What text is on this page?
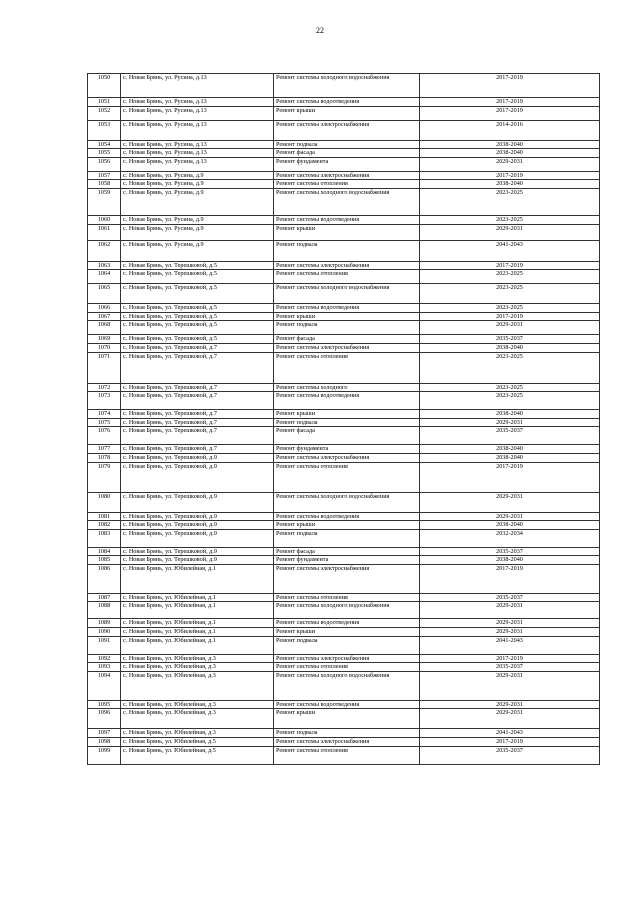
22
1050	с. Новая Брянь, ул. Русина, д.13	Ремонт системы холодного водоснабжения	2017-2019
1051	с. Новая Брянь, ул. Русина, д.13	Ремонт системы водоотведения	2017-2019
1052	с. Новая Брянь, ул. Русина, д.13	Ремонт крыши	2017-2019
1053	с. Новая Брянь, ул. Русина, д.13	Ремонт системы электроснабжения	2014-2016
1054	с. Новая Брянь, ул. Русина, д.13	Ремонт подвала	2038-2040
1055	с. Новая Брянь, ул. Русина, д.13	Ремонт фасада	2038-2040
1056	с. Новая Брянь, ул. Русина, д.13	Ремонт фундамента	2029-2031
1057	с. Новая Брянь, ул. Русина, д.9	Ремонт системы электроснабжения	2017-2019
1058	с. Новая Брянь, ул. Русина, д.9	Ремонт системы отопления	2038-2040
1059	с. Новая Брянь, ул. Русина, д.9	Ремонт системы холодного водоснабжения	2023-2025
1060	с. Новая Брянь, ул. Русина, д.9	Ремонт системы водоотведения	2023-2025
1061	с. Новая Брянь, ул. Русина, д.9	Ремонт крыши	2029-2031
1062	с. Новая Брянь, ул. Русина, д.9	Ремонт подвала	2041-2043
1063	с. Новая Брянь, ул. Терешковой, д.5	Ремонт системы электроснабжения	2017-2019
1064	с. Новая Брянь, ул. Терешковой, д.5	Ремонт системы отопления	2023-2025
1065	с. Новая Брянь, ул. Терешковой, д.5	Ремонт системы холодного водоснабжения	2023-2025
1066	с. Новая Брянь, ул. Терешковой, д.5	Ремонт системы водоотведения	2023-2025
1067	с. Новая Брянь, ул. Терешковой, д.5	Ремонт крыши	2017-2019
1068	с. Новая Брянь, ул. Терешковой, д.5	Ремонт подвала	2029-2031
1069	с. Новая Брянь, ул. Терешковой, д.5	Ремонт фасада	2035-2037
1070	с. Новая Брянь, ул. Терешковой, д.7	Ремонт системы электроснабжения	2038-2040
1071	с. Новая Брянь, ул. Терешковой, д.7	Ремонт системы отопления	2023-2025
1072	с. Новая Брянь, ул. Терешковой, д.7	Ремонт системы холодного	2023-2025
1073	с. Новая Брянь, ул. Терешковой, д.7	Ремонт системы водоотведения	2023-2025
1074	с. Новая Брянь, ул. Терешковой, д.7	Ремонт крыши	2038-2040
1075	с. Новая Брянь, ул. Терешковой, д.7	Ремонт подвала	2029-2031
1076	с. Новая Брянь, ул. Терешковой, д.7	Ремонт фасада	2035-2037
1077	с. Новая Брянь, ул. Терешковой, д.7	Ремонт фундамента	2038-2040
1078	с. Новая Брянь, ул. Терешковой, д.9	Ремонт системы электроснабжения	2038-2040
1079	с. Новая Брянь, ул. Терешковой, д.9	Ремонт системы отопления	2017-2019
1080	с. Новая Брянь, ул. Терешковой, д.9	Ремонт системы холодного водоснабжения	2029-2031
1081	с. Новая Брянь, ул. Терешковой, д.9	Ремонт системы водоотведения	2029-2031
1082	с. Новая Брянь, ул. Терешковой, д.9	Ремонт крыши	2038-2040
1083	с. Новая Брянь, ул. Терешковой, д.9	Ремонт подвала	2032-2034
1084	с. Новая Брянь, ул. Терешковой, д.9	Ремонт фасада	2035-2037
1085	с. Новая Брянь, ул. Терешковой, д.9	Ремонт фундамента	2038-2040
1086	с. Новая Брянь, ул. Юбилейная, д.1	Ремонт системы электроснабжения	2017-2019
1087	с. Новая Брянь, ул. Юбилейная, д.1	Ремонт системы отопления	2035-2037
1088	с. Новая Брянь, ул. Юбилейная, д.1	Ремонт системы холодного водоснабжения	2029-2031
1089	с. Новая Брянь, ул. Юбилейная, д.1	Ремонт системы водоотведения	2029-2031
1090	с. Новая Брянь, ул. Юбилейная, д.1	Ремонт крыши	2029-2031
1091	с. Новая Брянь, ул. Юбилейная, д.1	Ремонт подвала	2041-2043
1092	с. Новая Брянь, ул. Юбилейная, д.3	Ремонт системы электроснабжения	2017-2019
1093	с. Новая Брянь, ул. Юбилейная, д.3	Ремонт системы отопления	2035-2037
1094	с. Новая Брянь, ул. Юбилейная, д.3	Ремонт системы холодного водоснабжения	2029-2031
1095	с. Новая Брянь, ул. Юбилейная, д.3	Ремонт системы водоотведения	2029-2031
1096	с. Новая Брянь, ул. Юбилейная, д.3	Ремонт крыши	2029-2031
1097	с. Новая Брянь, ул. Юбилейная, д.3	Ремонт подвала	2041-2043
1098	с. Новая Брянь, ул. Юбилейная, д.5	Ремонт системы электроснабжения	2017-2019
1099	с. Новая Брянь, ул. Юбилейная, д.5	Ремонт системы отопления	2035-2037
